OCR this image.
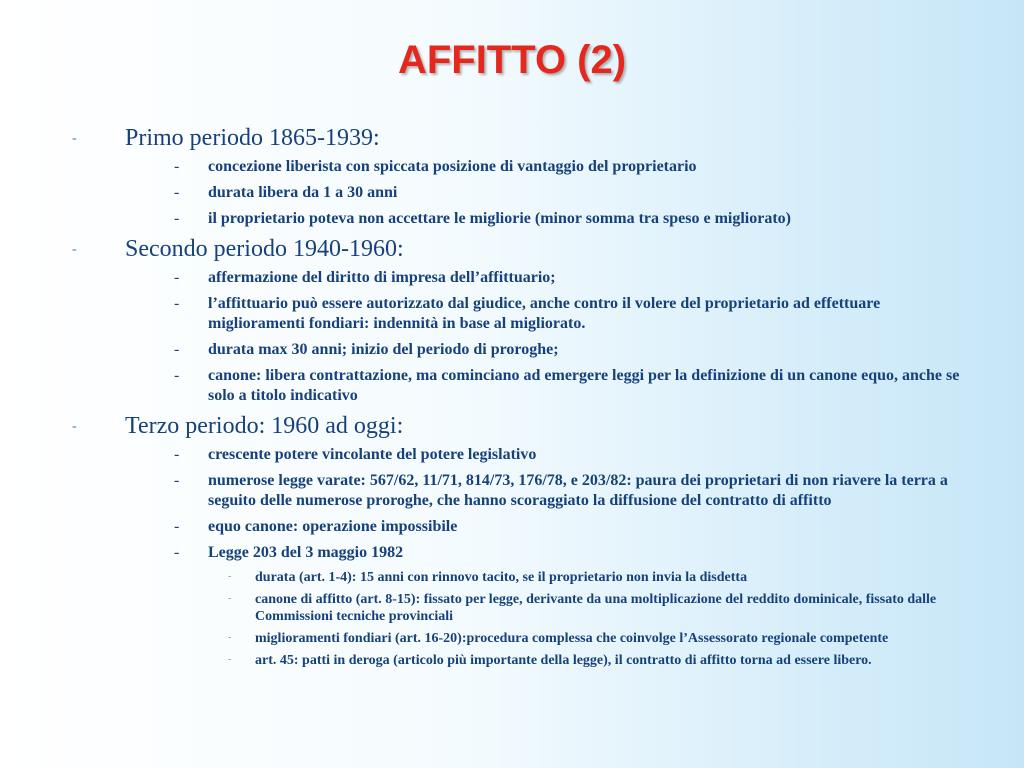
AFFITTO (2)
- Primo periodo 1865-1939:
- concezione liberista con spiccata posizione di vantaggio del proprietario
- durata libera da 1 a 30 anni
- il proprietario poteva non accettare le migliorie (minor somma tra speso e migliorato)
- Secondo periodo 1940-1960:
- affermazione del diritto di impresa dell’affittuario;
- l’affittuario può essere autorizzato dal giudice, anche contro il volere del proprietario ad effettuare miglioramenti fondiari: indennità in base al migliorato.
- durata max 30 anni; inizio del periodo di proroghe;
- canone: libera contrattazione, ma cominciano ad emergere leggi per la definizione di un canone equo, anche se solo a titolo indicativo
- Terzo periodo: 1960 ad oggi:
- crescente potere vincolante del potere legislativo
- numerose legge varate: 567/62, 11/71, 814/73, 176/78, e 203/82: paura dei proprietari di non riavere la terra a seguito delle numerose proroghe, che hanno scoraggiato la diffusione del contratto di affitto
- equo canone: operazione impossibile
- Legge 203 del 3 maggio 1982
- durata (art. 1-4): 15 anni con rinnovo tacito, se il proprietario non invia la disdetta
- canone di affitto (art. 8-15): fissato per legge, derivante da una moltiplicazione del reddito dominicale, fissato dalle Commissioni tecniche provinciali
- miglioramenti fondiari (art. 16-20):procedura complessa che coinvolge l’Assessorato regionale competente
- art. 45: patti in deroga (articolo più importante della legge), il contratto di affitto torna ad essere libero.
